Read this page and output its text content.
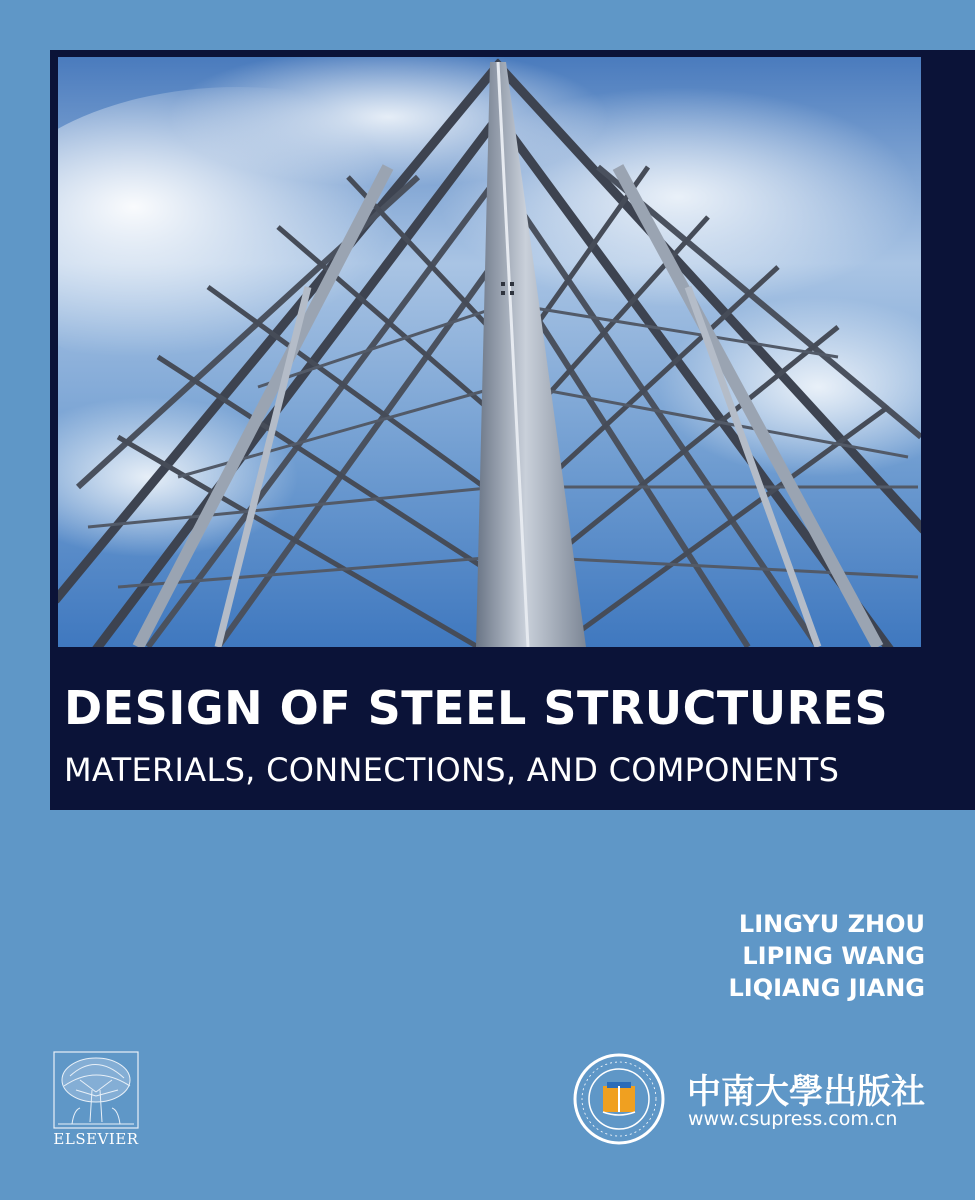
DESIGN OF STEEL STRUCTURES
MATERIALS, CONNECTIONS, AND COMPONENTS
LINGYU ZHOU
LIPING WANG
LIQIANG JIANG
ELSEVIER
中南大學出版社
www.csupress.com.cn
